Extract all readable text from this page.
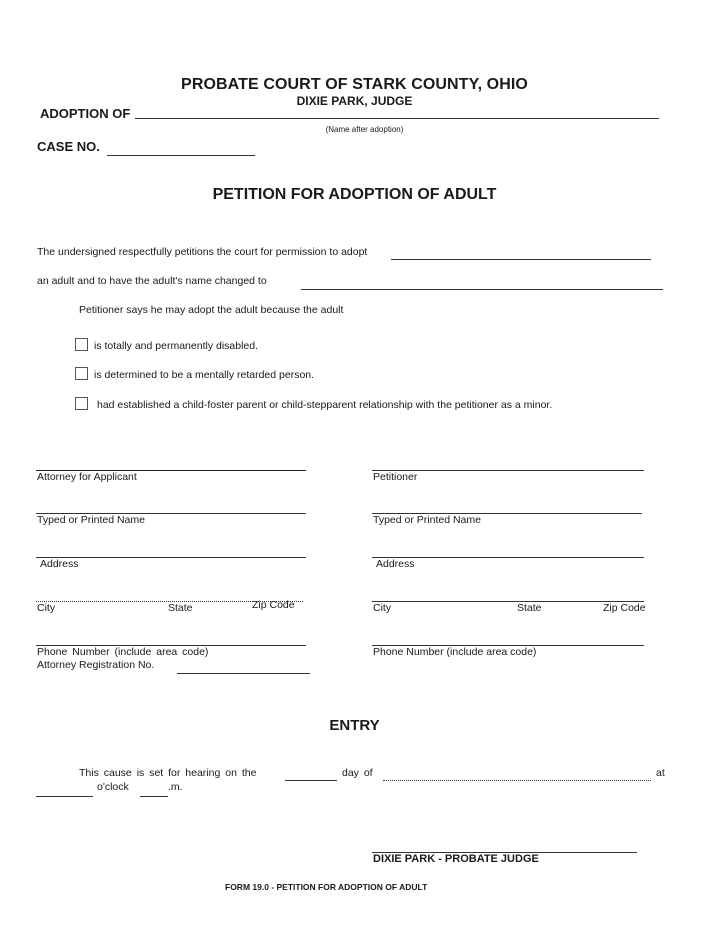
PROBATE COURT OF STARK COUNTY, OHIO
DIXIE PARK, JUDGE
ADOPTION OF
(Name after adoption)
CASE NO.
PETITION FOR ADOPTION OF ADULT
The undersigned respectfully petitions the court for permission to adopt
an adult and to have the adult's name changed to
Petitioner says he may adopt the adult because the adult
is totally and permanently disabled.
is determined to be a mentally retarded person.
had established a child-foster parent or child-stepparent relationship with the petitioner as a minor.
Attorney for Applicant
Typed or Printed Name
Address
City	State	Zip Code
Phone Number (include area code)
Attorney Registration No.
Petitioner
Typed or Printed Name
Address
City	State	Zip Code
Phone Number (include area code)
ENTRY
This cause is set for hearing on the	day of	at
o'clock	.m.
DIXIE PARK - PROBATE JUDGE
FORM 19.0 - PETITION FOR ADOPTION OF ADULT
